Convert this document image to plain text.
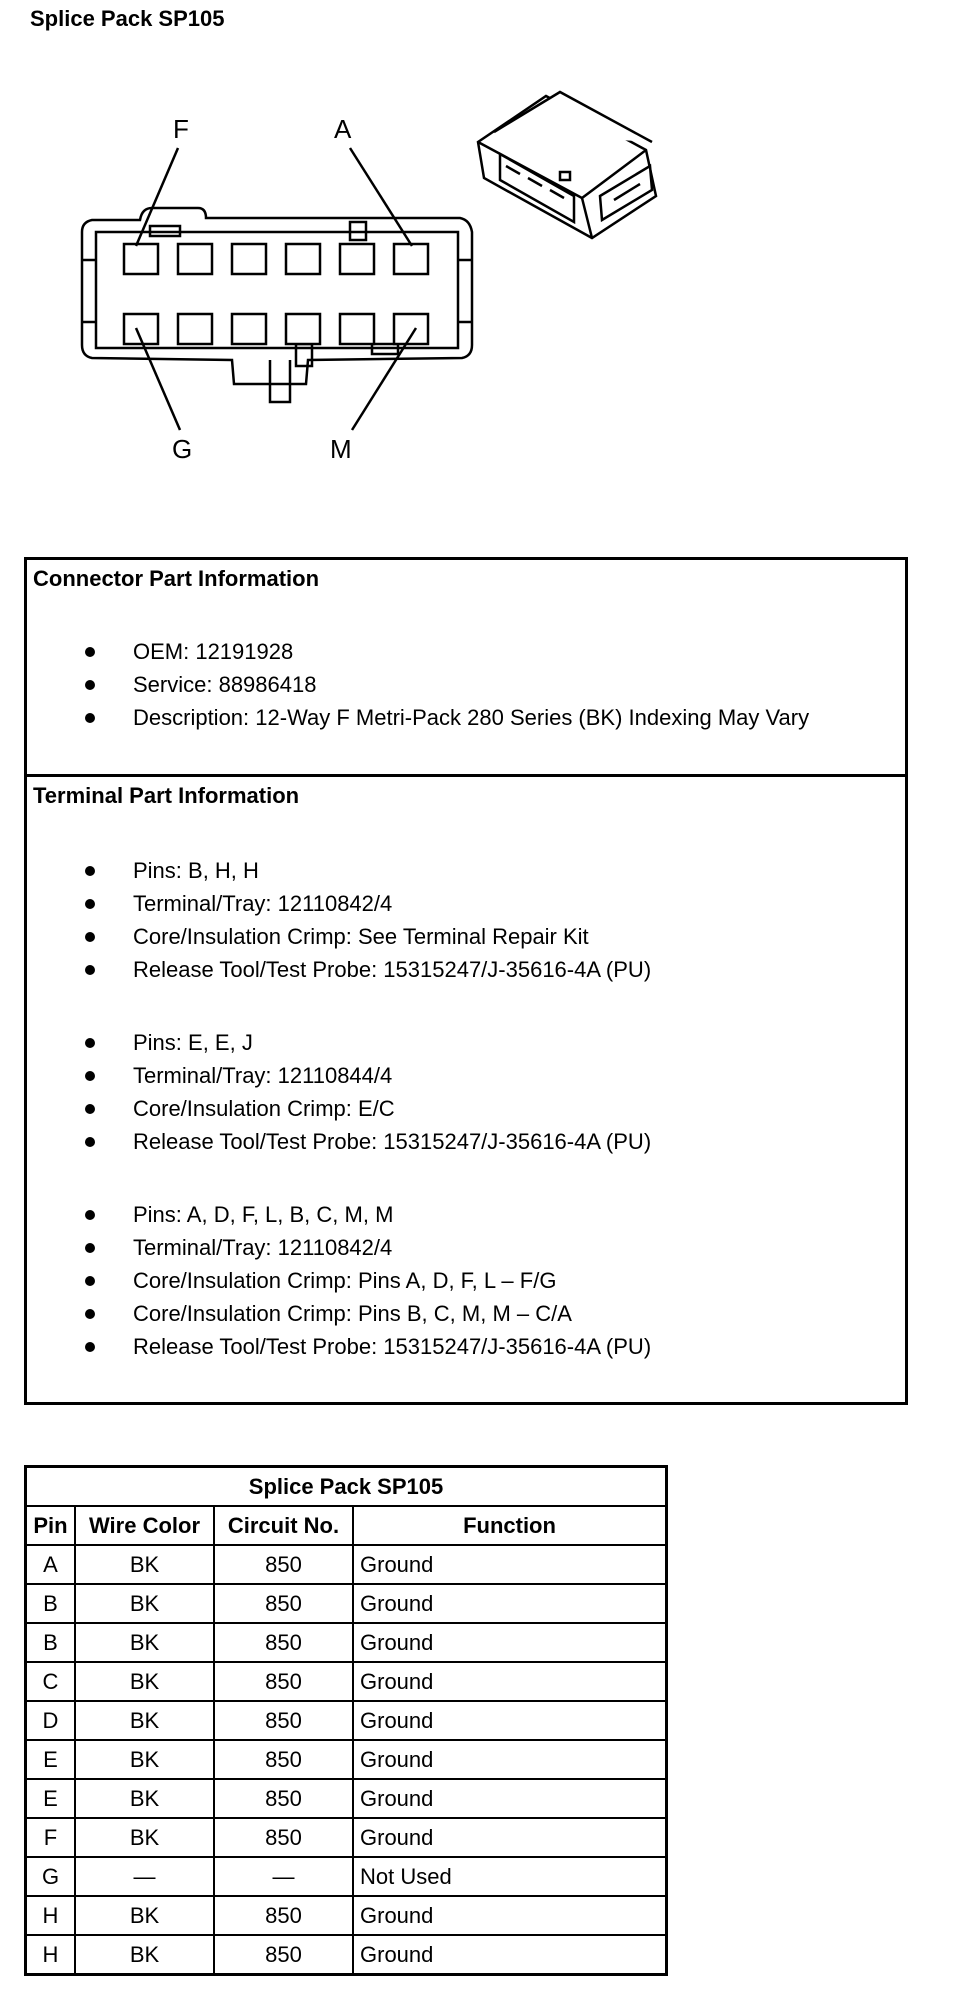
Splice Pack SP105
F	A
G	M
Connector Part Information
OEM: 12191928
Service: 88986418
Description: 12-Way F Metri-Pack 280 Series (BK) Indexing May Vary
Terminal Part Information
Pins: B, H, H
Terminal/Tray: 12110842/4
Core/Insulation Crimp: See Terminal Repair Kit
Release Tool/Test Probe: 15315247/J-35616-4A (PU)
Pins: E, E, J
Terminal/Tray: 12110844/4
Core/Insulation Crimp: E/C
Release Tool/Test Probe: 15315247/J-35616-4A (PU)
Pins: A, D, F, L, B, C, M, M
Terminal/Tray: 12110842/4
Core/Insulation Crimp: Pins A, D, F, L – F/G
Core/Insulation Crimp: Pins B, C, M, M – C/A
Release Tool/Test Probe: 15315247/J-35616-4A (PU)
Splice Pack SP105			
Pin	Wire Color	Circuit No.	Function
A	BK	850	Ground
B	BK	850	Ground
B	BK	850	Ground
C	BK	850	Ground
D	BK	850	Ground
E	BK	850	Ground
E	BK	850	Ground
F	BK	850	Ground
G	—	—	Not Used
H	BK	850	Ground
H	BK	850	Ground
